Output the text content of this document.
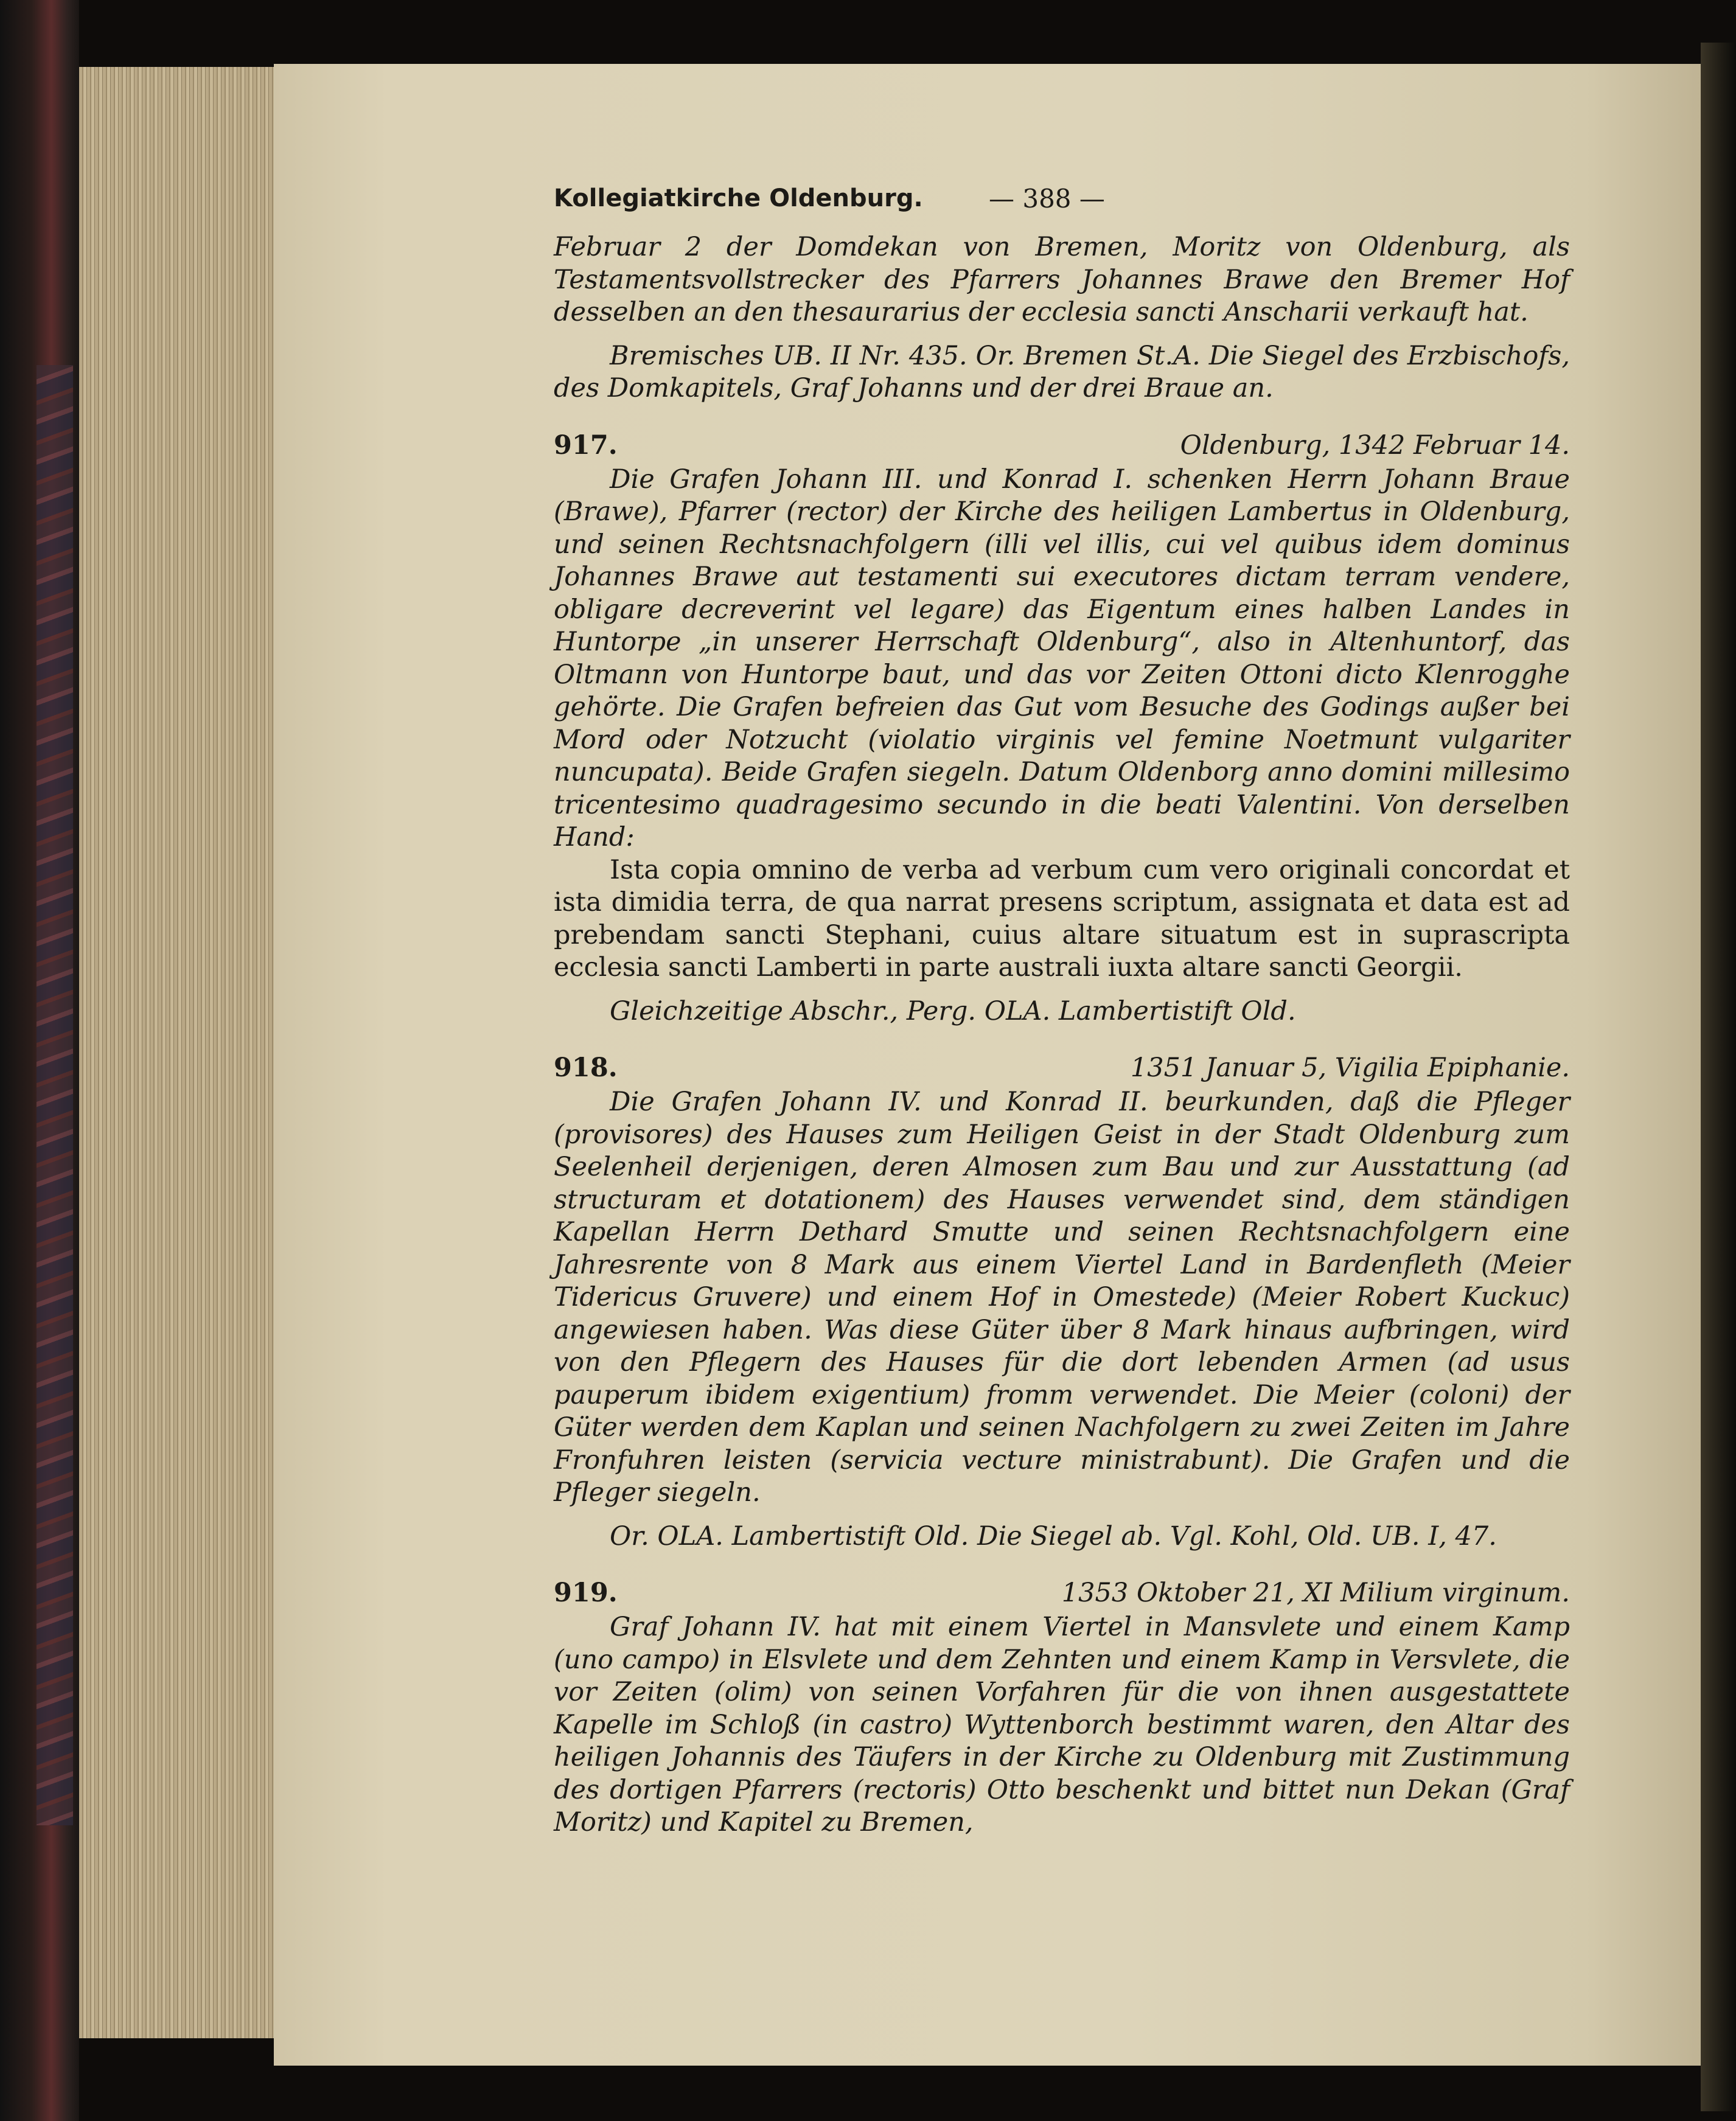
Kollegiatkirche Oldenburg.	— 388 —

Februar 2 der Domdekan von Bremen, Moritz von Oldenburg, als Testamentsvollstrecker des Pfarrers Johannes Brawe den Bremer Hof desselben an den thesaurarius der ecclesia sancti Anscharii verkauft hat.

Bremisches UB. II Nr. 435. Or. Bremen St.A. Die Siegel des Erzbischofs, des Domkapitels, Graf Johanns und der drei Braue an.

917.	Oldenburg, 1342 Februar 14.

Die Grafen Johann III. und Konrad I. schenken Herrn Johann Braue (Brawe), Pfarrer (rector) der Kirche des heiligen Lambertus in Oldenburg, und seinen Rechtsnachfolgern (illi vel illis, cui vel quibus idem dominus Johannes Brawe aut testamenti sui executores dictam terram vendere, obligare decreverint vel legare) das Eigentum eines halben Landes in Huntorpe „in unserer Herrschaft Oldenburg“, also in Altenhuntorf, das Oltmann von Huntorpe baut, und das vor Zeiten Ottoni dicto Klenrogghe gehörte. Die Grafen befreien das Gut vom Besuche des Godings außer bei Mord oder Notzucht (violatio virginis vel femine Noetmunt vulgariter nuncupata). Beide Grafen siegeln. Datum Oldenborg anno domini millesimo tricentesimo quadragesimo secundo in die beati Valentini. Von derselben Hand:

Ista copia omnino de verba ad verbum cum vero originali concordat et ista dimidia terra, de qua narrat presens scriptum, assignata et data est ad prebendam sancti Stephani, cuius altare situatum est in suprascripta ecclesia sancti Lamberti in parte australi iuxta altare sancti Georgii.

Gleichzeitige Abschr., Perg. OLA. Lambertistift Old.

918.	1351 Januar 5, Vigilia Epiphanie.

Die Grafen Johann IV. und Konrad II. beurkunden, daß die Pfleger (provisores) des Hauses zum Heiligen Geist in der Stadt Oldenburg zum Seelenheil derjenigen, deren Almosen zum Bau und zur Ausstattung (ad structuram et dotationem) des Hauses verwendet sind, dem ständigen Kapellan Herrn Dethard Smutte und seinen Rechtsnachfolgern eine Jahresrente von 8 Mark aus einem Viertel Land in Bardenfleth (Meier Tidericus Gruvere) und einem Hof in Omestede) (Meier Robert Kuckuc) angewiesen haben. Was diese Güter über 8 Mark hinaus aufbringen, wird von den Pflegern des Hauses für die dort lebenden Armen (ad usus pauperum ibidem exigentium) fromm verwendet. Die Meier (coloni) der Güter werden dem Kaplan und seinen Nachfolgern zu zwei Zeiten im Jahre Fronfuhren leisten (servicia vecture ministrabunt). Die Grafen und die Pfleger siegeln.

Or. OLA. Lambertistift Old. Die Siegel ab. Vgl. Kohl, Old. UB. I, 47.

919.	1353 Oktober 21, XI Milium virginum.

Graf Johann IV. hat mit einem Viertel in Mansvlete und einem Kamp (uno campo) in Elsvlete und dem Zehnten und einem Kamp in Versvlete, die vor Zeiten (olim) von seinen Vorfahren für die von ihnen ausgestattete Kapelle im Schloß (in castro) Wyttenborch bestimmt waren, den Altar des heiligen Johannis des Täufers in der Kirche zu Oldenburg mit Zustimmung des dortigen Pfarrers (rectoris) Otto beschenkt und bittet nun Dekan (Graf Moritz) und Kapitel zu Bremen,
